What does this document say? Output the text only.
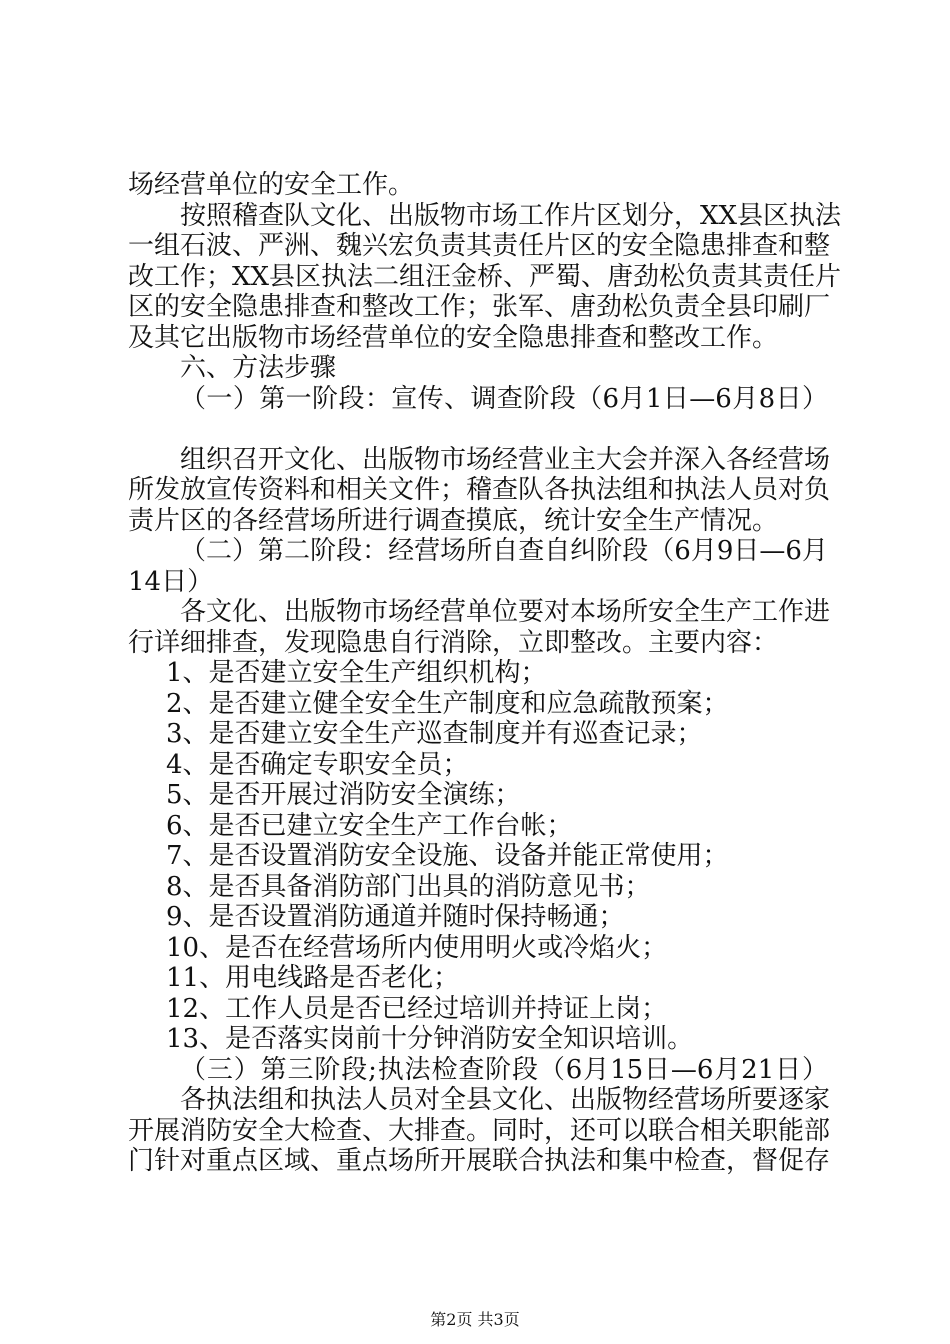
场经营单位的安全工作。
按照稽查队文化、出版物市场工作片区划分，XX县区执法
一组石波、严洲、魏兴宏负责其责任片区的安全隐患排查和整
改工作；XX县区执法二组汪金桥、严蜀、唐劲松负责其责任片
区的安全隐患排查和整改工作；张军、唐劲松负责全县印刷厂
及其它出版物市场经营单位的安全隐患排查和整改工作。
六、方法步骤
（一）第一阶段：宣传、调查阶段（6月1日—6月8日）
组织召开文化、出版物市场经营业主大会并深入各经营场
所发放宣传资料和相关文件；稽查队各执法组和执法人员对负
责片区的各经营场所进行调查摸底，统计安全生产情况。
（二）第二阶段：经营场所自查自纠阶段（6月9日—6月
14日）
各文化、出版物市场经营单位要对本场所安全生产工作进
行详细排查，发现隐患自行消除，立即整改。主要内容：
1、是否建立安全生产组织机构；
2、是否建立健全安全生产制度和应急疏散预案；
3、是否建立安全生产巡查制度并有巡查记录；
4、是否确定专职安全员；
5、是否开展过消防安全演练；
6、是否已建立安全生产工作台帐；
7、是否设置消防安全设施、设备并能正常使用；
8、是否具备消防部门出具的消防意见书；
9、是否设置消防通道并随时保持畅通；
10、是否在经营场所内使用明火或冷焰火；
11、用电线路是否老化；
12、工作人员是否已经过培训并持证上岗；
13、是否落实岗前十分钟消防安全知识培训。
（三）第三阶段;执法检查阶段（6月15日—6月21日）
各执法组和执法人员对全县文化、出版物经营场所要逐家
第2页 共3页
开展消防安全大检查、大排查。同时，还可以联合相关职能部
门针对重点区域、重点场所开展联合执法和集中检查，督促存
